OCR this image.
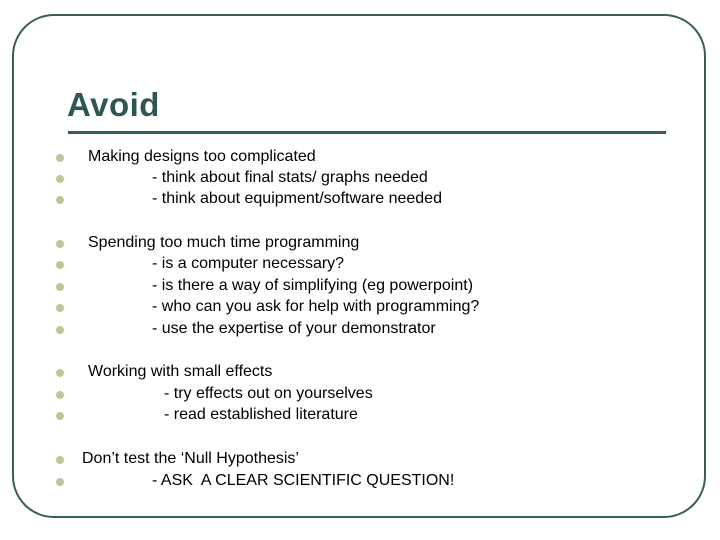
Avoid
Making designs too complicated
- think about final stats/ graphs needed
- think about equipment/software needed
Spending too much time programming
- is a computer necessary?
- is there a way of simplifying (eg powerpoint)
- who can you ask for help with programming?
- use the expertise of your demonstrator
Working with small effects
- try effects out on yourselves
- read established literature
Don’t test the ‘Null Hypothesis’
- ASK  A CLEAR SCIENTIFIC QUESTION!
